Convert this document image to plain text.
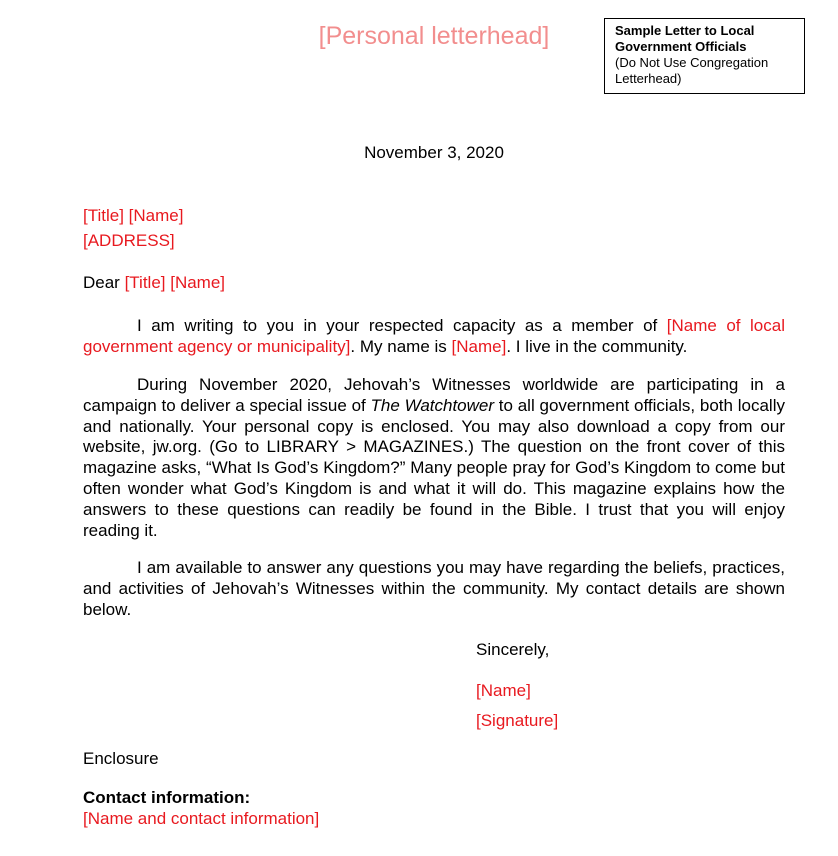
[Personal letterhead]	Sample Letter to Local
Government Officials
(Do Not Use Congregation
Letterhead)
November 3, 2020
[Title] [Name]
[ADDRESS]
Dear [Title] [Name]
I am writing to you in your respected capacity as a member of [Name of local government agency or municipality]. My name is [Name]. I live in the community.
During November 2020, Jehovah’s Witnesses worldwide are participating in a campaign to deliver a special issue of The Watchtower to all government officials, both locally and nationally. Your personal copy is enclosed. You may also download a copy from our website, jw.org. (Go to LIBRARY > MAGAZINES.) The question on the front cover of this magazine asks, “What Is God’s Kingdom?” Many people pray for God’s Kingdom to come but often wonder what God’s Kingdom is and what it will do. This magazine explains how the answers to these questions can readily be found in the Bible. I trust that you will enjoy reading it.
I am available to answer any questions you may have regarding the beliefs, practices, and activities of Jehovah’s Witnesses within the community. My contact details are shown below.
Sincerely,
[Name]
[Signature]
Enclosure
Contact information:
[Name and contact information]
